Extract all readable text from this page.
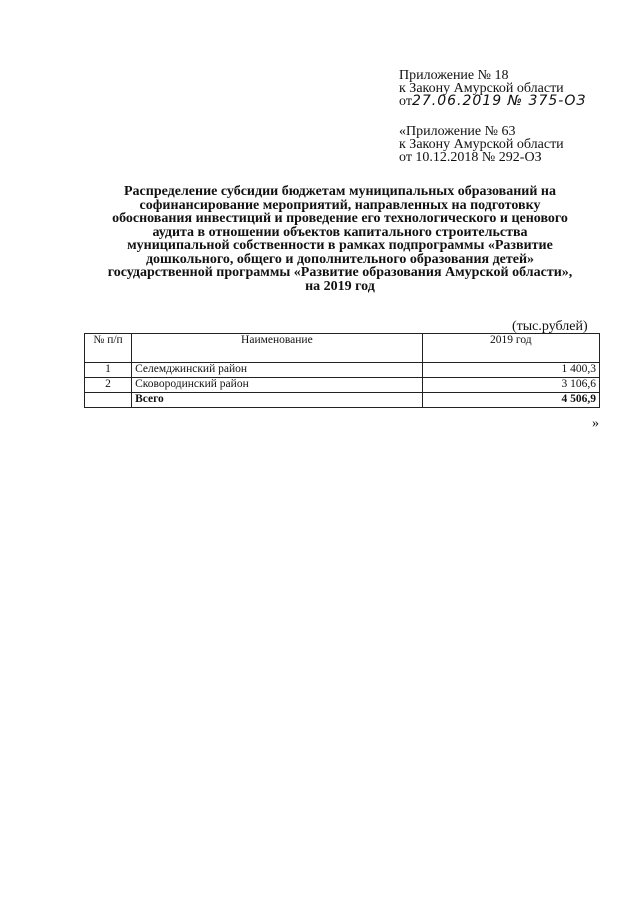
Приложение № 18
к Закону Амурской области
от27.06.2019 № 375-ОЗ
«Приложение № 63
к Закону Амурской области
от 10.12.2018 № 292-ОЗ
Распределение субсидии бюджетам муниципальных образований на
софинансирование мероприятий, направленных на подготовку
обоснования инвестиций и проведение его технологического и ценового
аудита в отношении объектов капитального строительства
муниципальной собственности в рамках подпрограммы «Развитие
дошкольного, общего и дополнительного образования детей»
государственной программы «Развитие образования Амурской области»,
на 2019 год
(тыс.рублей)
№ п/п	Наименование	2019 год
1	Селемджинский район	1 400,3
2	Сковородинский район	3 106,6
	Всего	4 506,9
»
